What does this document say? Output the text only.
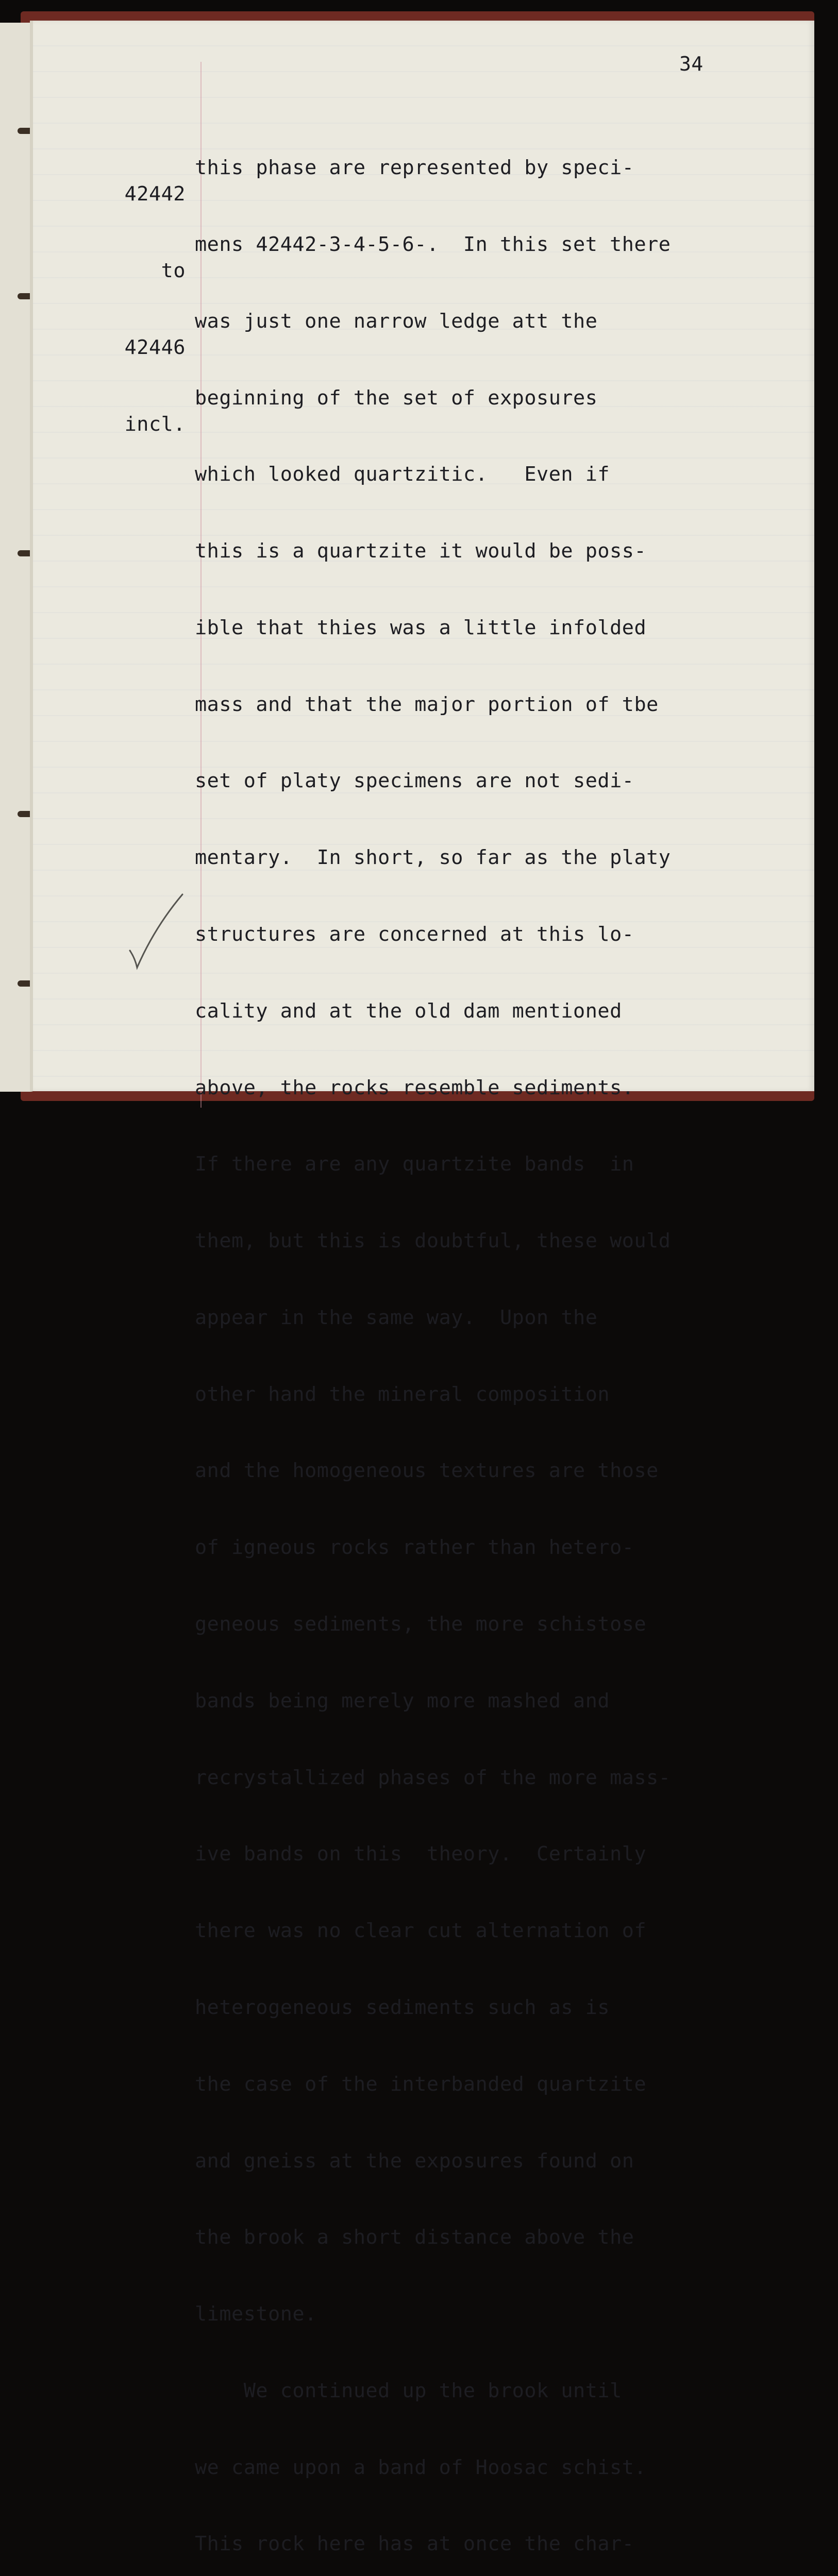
34

42442

to

42446

incl.

this phase are represented by speci-

mens 42442-3-4-5-6-.  In this set there

was just one narrow ledge att the

beginning of the set of exposures

which looked quartzitic.   Even if

this is a quartzite it would be poss-

ible that thies was a little infolded

mass and that the major portion of tbe

set of platy specimens are not sedi-

mentary.  In short, so far as the platy

structures are concerned at this lo-

cality and at the old dam mentioned

above, the rocks resemble sediments.

If there are any quartzite bands  in

them, but this is doubtful, these would

appear in the same way.  Upon the

other hand the mineral composition

and the homogeneous textures are those

of igneous rocks rather than hetero-

geneous sediments, the more schistose

bands being merely more mashed and

recrystallized phases of the more mass-

ive bands on this  theory.  Certainly

there was no clear cut alternation of

heterogeneous sediments such as is

the case of the interbanded quartzite

and gneiss at the exposures found on

the brook a short distance above the

limestone.

We continued up the brook until

we came upon a band of Hoosac schist.

This rock here has at once the char-
